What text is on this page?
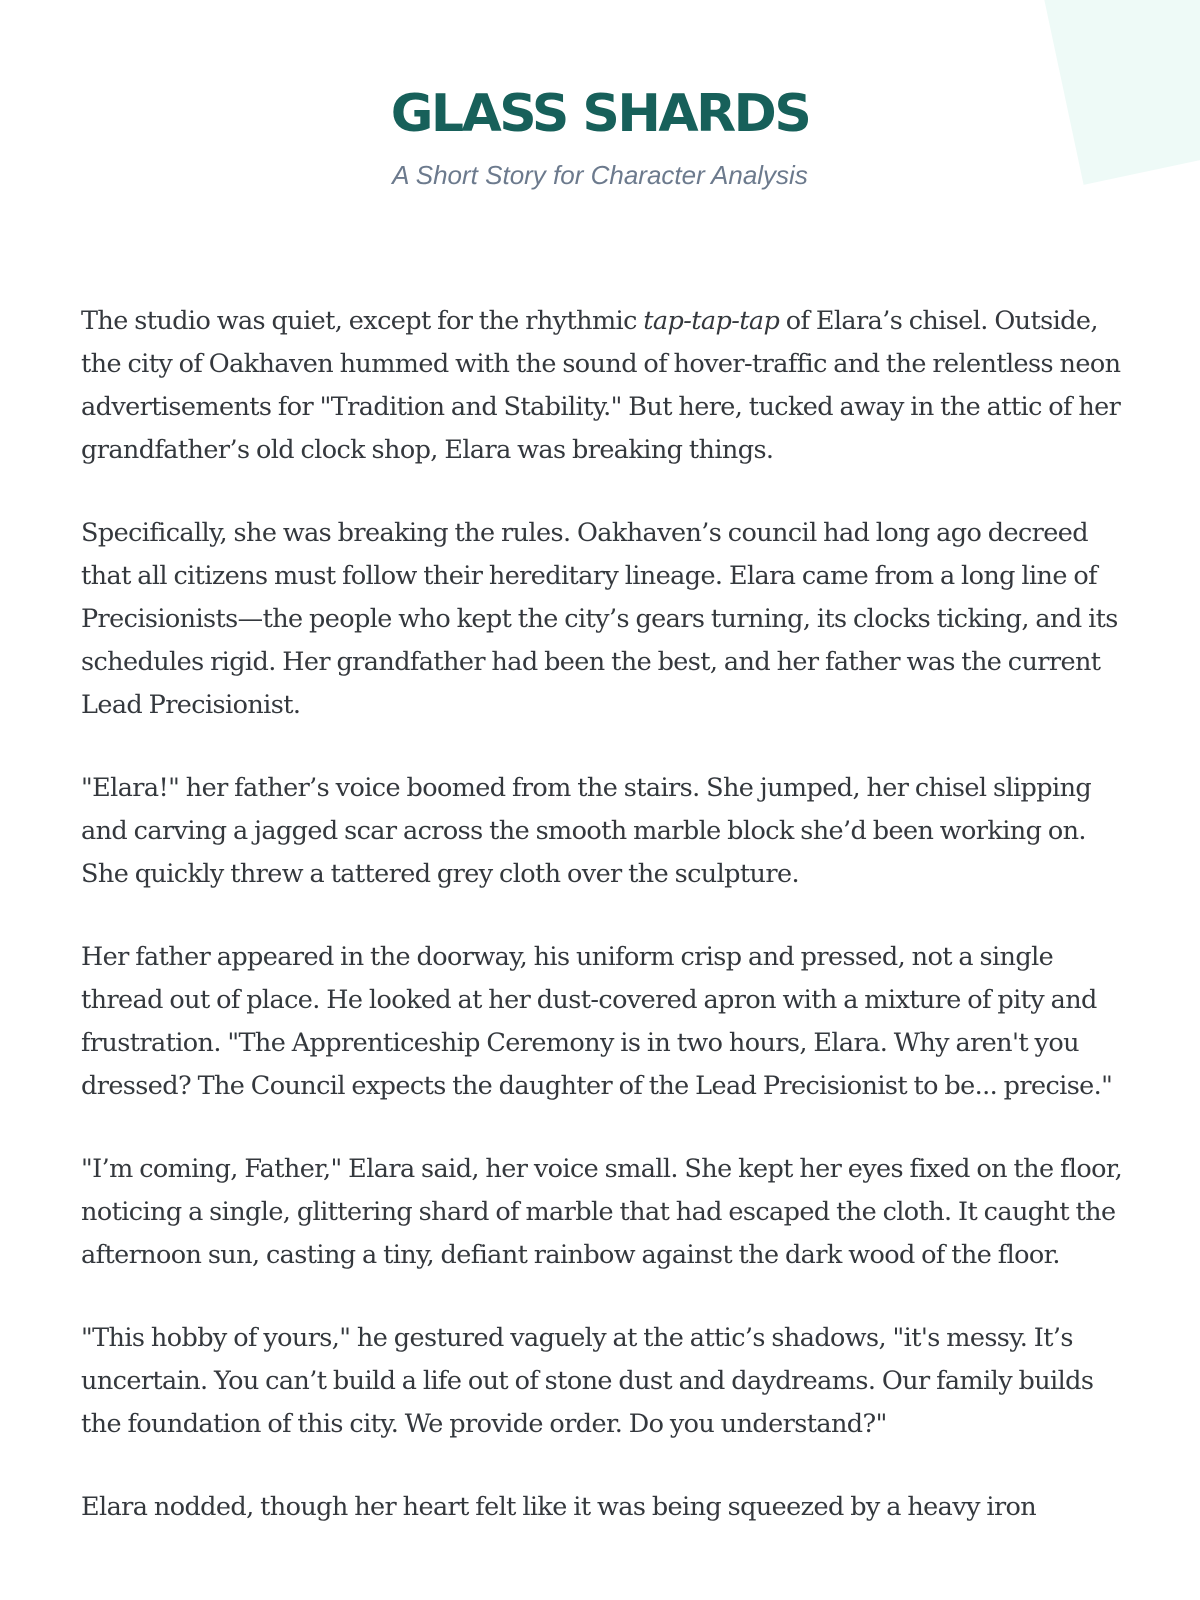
GLASS SHARDS
A Short Story for Character Analysis

The studio was quiet, except for the rhythmic tap-tap-tap of Elara’s chisel. Outside, the city of Oakhaven hummed with the sound of hover-traffic and the relentless neon advertisements for "Tradition and Stability." But here, tucked away in the attic of her grandfather’s old clock shop, Elara was breaking things.

Specifically, she was breaking the rules. Oakhaven’s council had long ago decreed that all citizens must follow their hereditary lineage. Elara came from a long line of Precisionists—the people who kept the city’s gears turning, its clocks ticking, and its schedules rigid. Her grandfather had been the best, and her father was the current Lead Precisionist.

"Elara!" her father’s voice boomed from the stairs. She jumped, her chisel slipping and carving a jagged scar across the smooth marble block she’d been working on. She quickly threw a tattered grey cloth over the sculpture.

Her father appeared in the doorway, his uniform crisp and pressed, not a single thread out of place. He looked at her dust-covered apron with a mixture of pity and frustration. "The Apprenticeship Ceremony is in two hours, Elara. Why aren't you dressed? The Council expects the daughter of the Lead Precisionist to be... precise."

"I’m coming, Father," Elara said, her voice small. She kept her eyes fixed on the floor, noticing a single, glittering shard of marble that had escaped the cloth. It caught the afternoon sun, casting a tiny, defiant rainbow against the dark wood of the floor.

"This hobby of yours," he gestured vaguely at the attic’s shadows, "it's messy. It’s uncertain. You can’t build a life out of stone dust and daydreams. Our family builds the foundation of this city. We provide order. Do you understand?"

Elara nodded, though her heart felt like it was being squeezed by a heavy iron
